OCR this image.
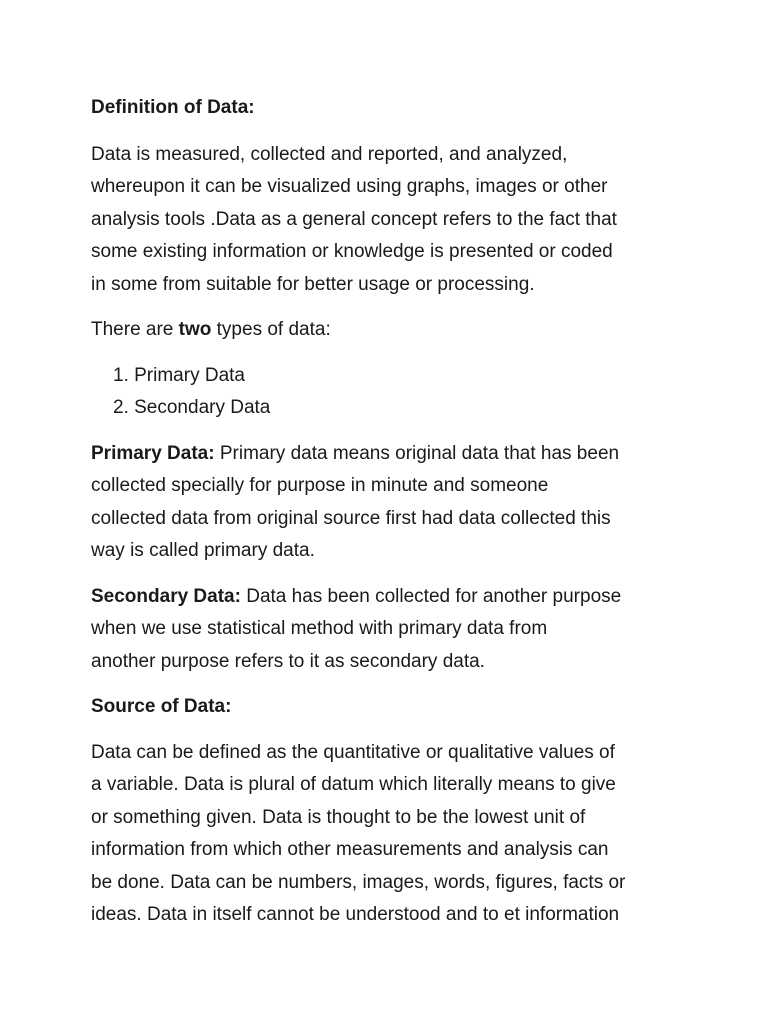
Definition of Data:

Data is measured, collected and reported, and analyzed,
whereupon it can be visualized using graphs, images or other
analysis tools .Data as a general concept refers to the fact that
some existing information or knowledge is presented or coded
in some from suitable for better usage or processing.

There are two types of data:

1. Primary Data
2. Secondary Data

Primary Data: Primary data means original data that has been
collected specially for purpose in minute and someone
collected data from original source first had data collected this
way is called primary data.

Secondary Data: Data has been collected for another purpose
when we use statistical method with primary data from
another purpose refers to it as secondary data.

Source of Data:

Data can be defined as the quantitative or qualitative values of
a variable. Data is plural of datum which literally means to give
or something given. Data is thought to be the lowest unit of
information from which other measurements and analysis can
be done. Data can be numbers, images, words, figures, facts or
ideas. Data in itself cannot be understood and to et information
